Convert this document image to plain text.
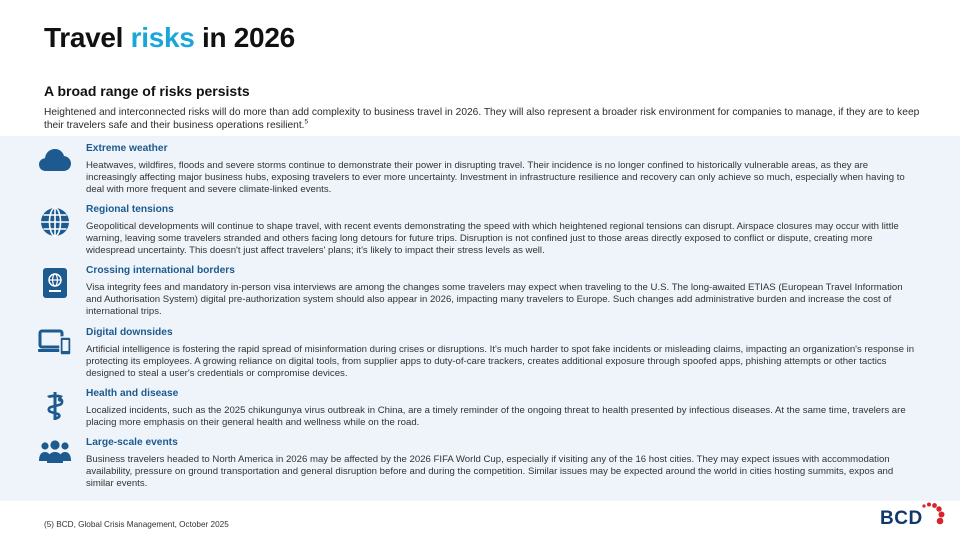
Travel risks in 2026
A broad range of risks persists
Heightened and interconnected risks will do more than add complexity to business travel in 2026. They will also represent a broader risk environment for companies to manage, if they are to keep their travelers safe and their business operations resilient.$^5$
Extreme weather
Heatwaves, wildfires, floods and severe storms continue to demonstrate their power in disrupting travel. Their incidence is no longer confined to historically vulnerable areas, as they are increasingly affecting major business hubs, exposing travelers to ever more uncertainty. Investment in infrastructure resilience and recovery can only achieve so much, especially when having to deal with more frequent and severe climate-linked events.
Regional tensions
Geopolitical developments will continue to shape travel, with recent events demonstrating the speed with which heightened regional tensions can disrupt. Airspace closures may occur with little warning, leaving some travelers stranded and others facing long detours for future trips. Disruption is not confined just to those areas directly exposed to conflict or dispute, creating more widespread uncertainty. This doesn't just affect travelers' plans; it's likely to impact their stress levels as well.
Crossing international borders
Visa integrity fees and mandatory in-person visa interviews are among the changes some travelers may expect when traveling to the U.S. The long-awaited ETIAS (European Travel Information and Authorisation System) digital pre-authorization system should also appear in 2026, impacting many travelers to Europe. Such changes add administrative burden and increase the cost of international trips.
Digital downsides
Artificial intelligence is fostering the rapid spread of misinformation during crises or disruptions. It's much harder to spot fake incidents or misleading claims, impacting an organization's response in protecting its employees. A growing reliance on digital tools, from supplier apps to duty-of-care trackers, creates additional exposure through spoofed apps, phishing attempts or other tactics designed to steal a user's credentials or compromise devices.
Health and disease
Localized incidents, such as the 2025 chikungunya virus outbreak in China, are a timely reminder of the ongoing threat to health presented by infectious diseases. At the same time, travelers are placing more emphasis on their general health and wellness while on the road.
Large-scale events
Business travelers headed to North America in 2026 may be affected by the 2026 FIFA World Cup, especially if visiting any of the 16 host cities. They may expect issues with accommodation availability, pressure on ground transportation and general disruption before and during the competition. Similar issues may be expected around the world in cities hosting summits, expos and similar events.
(5) BCD, Global Crisis Management, October 2025	BCD
